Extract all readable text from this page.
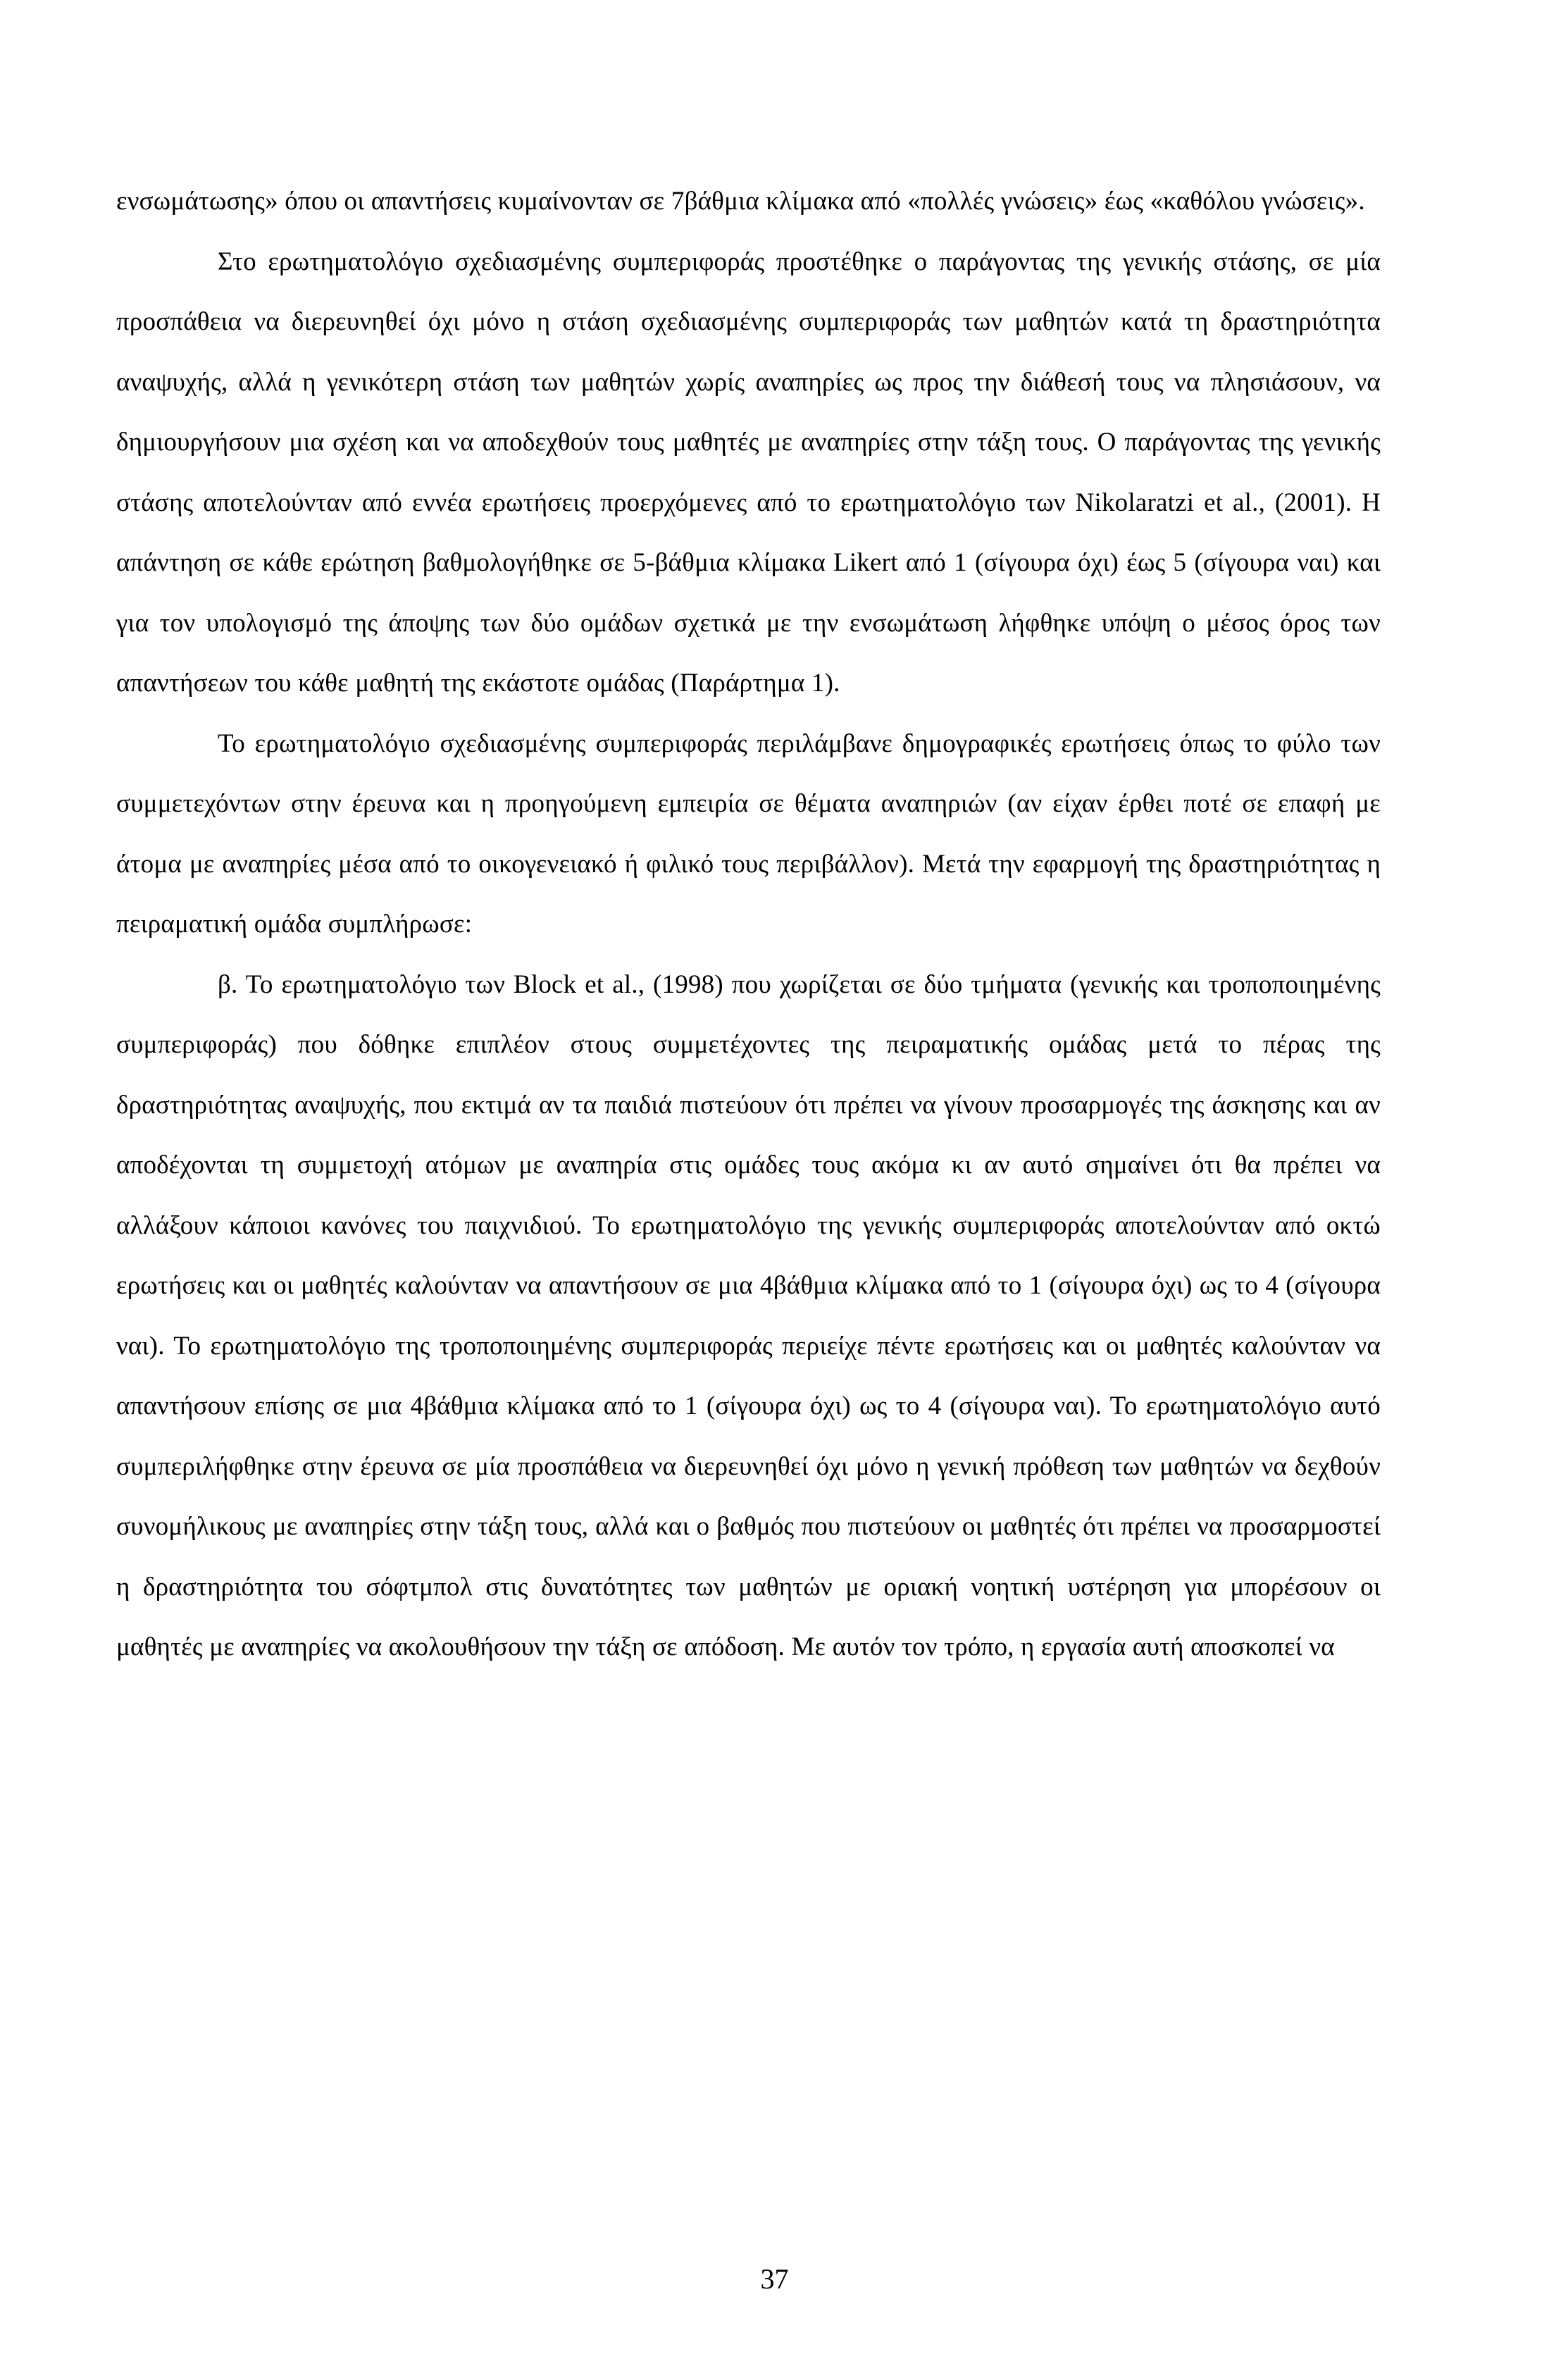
ενσωμάτωσης» όπου οι απαντήσεις κυμαίνονταν σε 7βάθμια κλίμακα από «πολλές γνώσεις» έως «καθόλου γνώσεις».

Στο ερωτηματολόγιο σχεδιασμένης συμπεριφοράς προστέθηκε ο παράγοντας της γενικής στάσης, σε μία προσπάθεια να διερευνηθεί όχι μόνο η στάση σχεδιασμένης συμπεριφοράς των μαθητών κατά τη δραστηριότητα αναψυχής, αλλά η γενικότερη στάση των μαθητών χωρίς αναπηρίες ως προς την διάθεσή τους να πλησιάσουν, να δημιουργήσουν μια σχέση και να αποδεχθούν τους μαθητές με αναπηρίες στην τάξη τους. Ο παράγοντας της γενικής στάσης αποτελούνταν από εννέα ερωτήσεις προερχόμενες από το ερωτηματολόγιο των Nikolaratzi et al., (2001). Η απάντηση σε κάθε ερώτηση βαθμολογήθηκε σε 5-βάθμια κλίμακα Likert από 1 (σίγουρα όχι) έως 5 (σίγουρα ναι) και για τον υπολογισμό της άποψης των δύο ομάδων σχετικά με την ενσωμάτωση λήφθηκε υπόψη ο μέσος όρος των απαντήσεων του κάθε μαθητή της εκάστοτε ομάδας (Παράρτημα 1).

Το ερωτηματολόγιο σχεδιασμένης συμπεριφοράς περιλάμβανε δημογραφικές ερωτήσεις όπως το φύλο των συμμετεχόντων στην έρευνα και η προηγούμενη εμπειρία σε θέματα αναπηριών (αν είχαν έρθει ποτέ σε επαφή με άτομα με αναπηρίες μέσα από το οικογενειακό ή φιλικό τους περιβάλλον). Μετά την εφαρμογή της δραστηριότητας η πειραματική ομάδα συμπλήρωσε:

β. Το ερωτηματολόγιο των Block et al., (1998) που χωρίζεται σε δύο τμήματα (γενικής και τροποποιημένης συμπεριφοράς) που δόθηκε επιπλέον στους συμμετέχοντες της πειραματικής ομάδας μετά το πέρας της δραστηριότητας αναψυχής, που εκτιμά αν τα παιδιά πιστεύουν ότι πρέπει να γίνουν προσαρμογές της άσκησης και αν αποδέχονται τη συμμετοχή ατόμων με αναπηρία στις ομάδες τους ακόμα κι αν αυτό σημαίνει ότι θα πρέπει να αλλάξουν κάποιοι κανόνες του παιχνιδιού. Το ερωτηματολόγιο της γενικής συμπεριφοράς αποτελούνταν από οκτώ ερωτήσεις και οι μαθητές καλούνταν να απαντήσουν σε μια 4βάθμια κλίμακα από το 1 (σίγουρα όχι) ως το 4 (σίγουρα ναι). Το ερωτηματολόγιο της τροποποιημένης συμπεριφοράς περιείχε πέντε ερωτήσεις και οι μαθητές καλούνταν να απαντήσουν επίσης σε μια 4βάθμια κλίμακα από το 1 (σίγουρα όχι) ως το 4 (σίγουρα ναι). Το ερωτηματολόγιο αυτό συμπεριλήφθηκε στην έρευνα σε μία προσπάθεια να διερευνηθεί όχι μόνο η γενική πρόθεση των μαθητών να δεχθούν συνομήλικους με αναπηρίες στην τάξη τους, αλλά και ο βαθμός που πιστεύουν οι μαθητές ότι πρέπει να προσαρμοστεί η δραστηριότητα του σόφτμπολ στις δυνατότητες των μαθητών με οριακή νοητική υστέρηση για μπορέσουν οι μαθητές με αναπηρίες να ακολουθήσουν την τάξη σε απόδοση. Με αυτόν τον τρόπο, η εργασία αυτή αποσκοπεί να

37
